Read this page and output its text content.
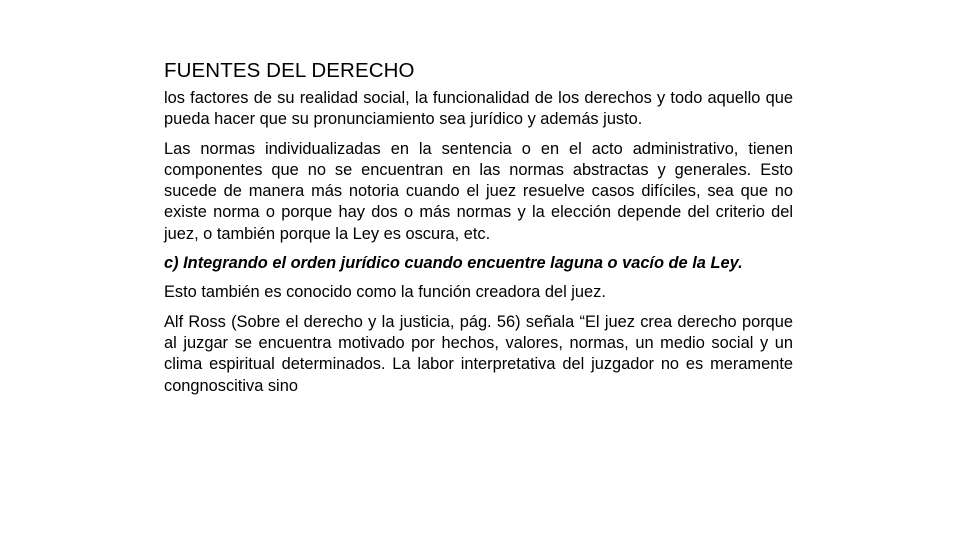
FUENTES DEL DERECHO

los factores de su realidad social, la funcionalidad de los derechos y todo aquello que pueda hacer que su pronunciamiento sea jurídico y además justo.

Las normas individualizadas en la sentencia o en el acto administrativo, tienen componentes que no se encuentran en las normas abstractas y generales. Esto sucede de manera más notoria cuando el juez resuelve casos difíciles, sea que no existe norma o porque hay dos o más normas y la elección depende del criterio del juez, o también porque la Ley es oscura, etc.

c) Integrando el orden jurídico cuando encuentre laguna o vacío de la Ley.

Esto también es conocido como la función creadora del juez.

Alf Ross (Sobre el derecho y la justicia, pág. 56) señala “El juez crea derecho porque al juzgar se encuentra motivado por hechos, valores, normas, un medio social y un clima espiritual determinados. La labor interpretativa del juzgador no es meramente congnoscitiva sino
